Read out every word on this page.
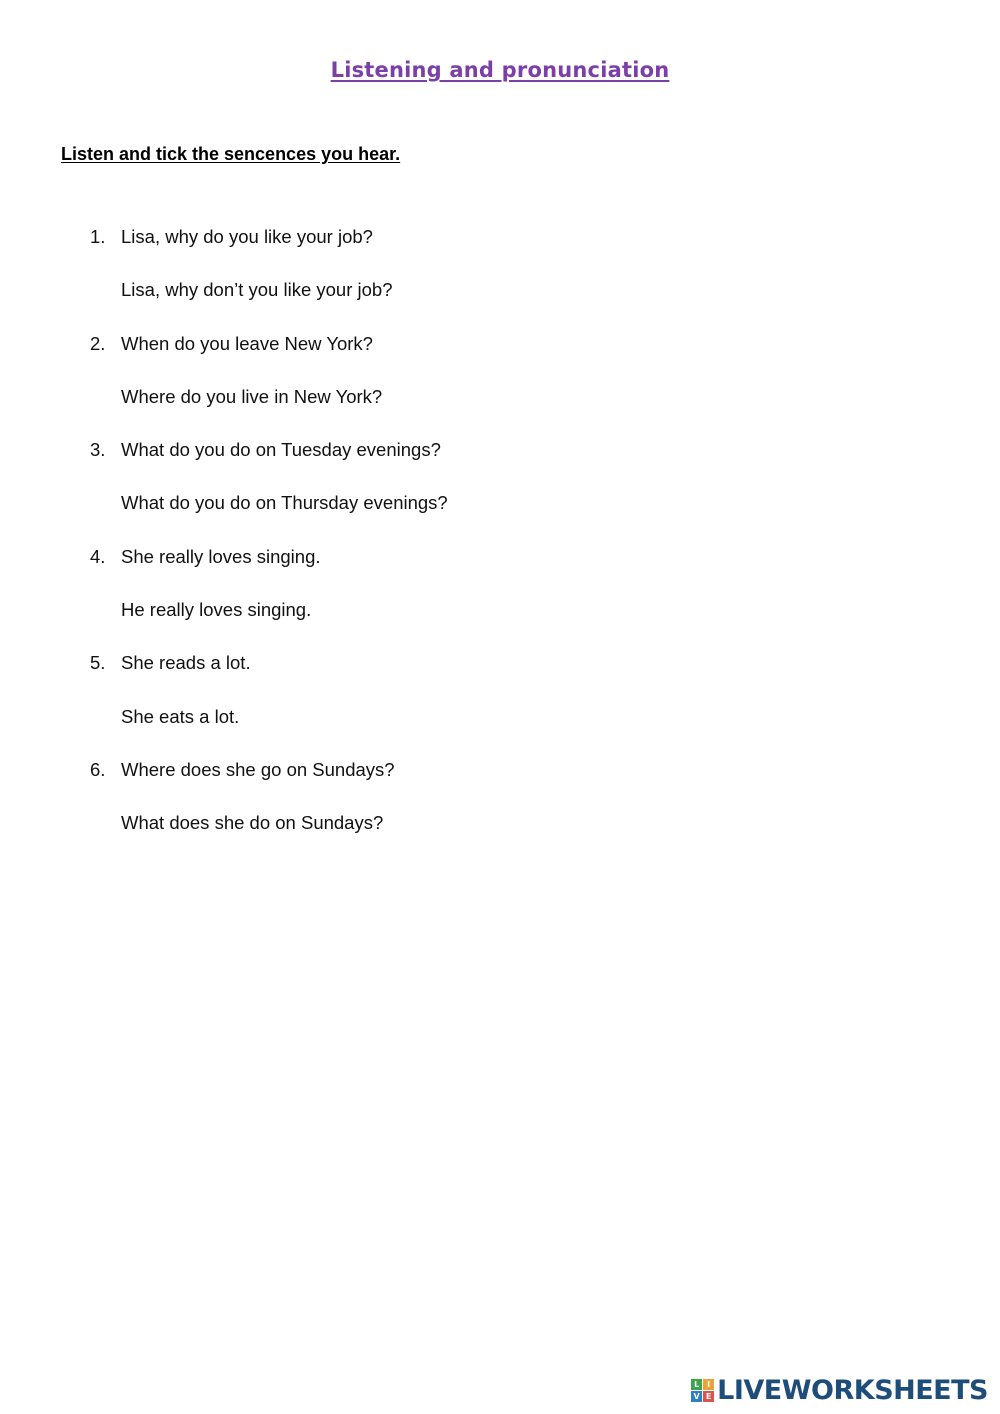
Listening and pronunciation
Listen and tick the sencences you hear.
1. Lisa, why do you like your job?
Lisa, why don’t you like your job?
2. When do you leave New York?
Where do you live in New York?
3. What do you do on Tuesday evenings?
What do you do on Thursday evenings?
4. She really loves singing.
He really loves singing.
5. She reads a lot.
She eats a lot.
6. Where does she go on Sundays?
What does she do on Sundays?
L I
V E LIVEWORKSHEETS
